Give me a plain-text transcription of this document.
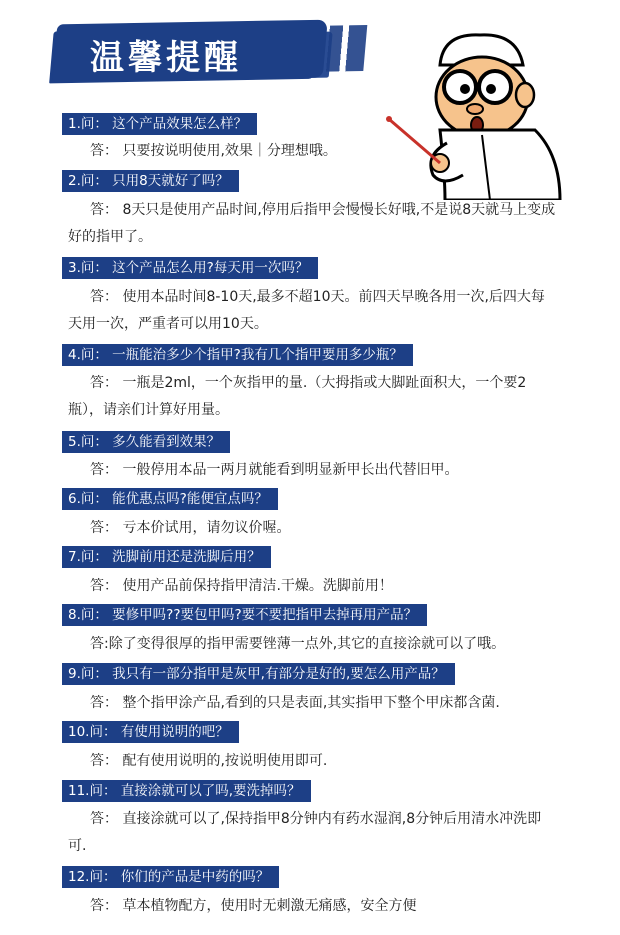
温馨提醒
1.问： 这个产品效果怎么样？
答： 只要按说明使用,效果｜分理想哦。
2.问： 只用8天就好了吗？
答： 8天只是使用产品时间,停用后指甲会慢慢长好哦,不是说8天就马上变成好的指甲了。
3.问： 这个产品怎么用?每天用一次吗？
答： 使用本品时间8-10天,最多不超10天。前四天早晚各用一次,后四大每天用一次，严重者可以用10天。
4.问： 一瓶能治多少个指甲?我有几个指甲要用多少瓶？
答： 一瓶是2ml，一个灰指甲的量.（大拇指或大脚趾面积大，一个要2瓶），请亲们计算好用量。
5.问： 多久能看到效果？
答： 一般停用本品一两月就能看到明显新甲长出代替旧甲。
6.问： 能优惠点吗?能便宜点吗？
答： 亏本价试用，请勿议价喔。
7.问： 洗脚前用还是洗脚后用？
答： 使用产品前保持指甲清洁.干燥。洗脚前用！
8.问： 要修甲吗??要包甲吗?要不要把指甲去掉再用产品？
答:除了变得很厚的指甲需要锉薄一点外,其它的直接涂就可以了哦。
9.问： 我只有一部分指甲是灰甲,有部分是好的,要怎么用产品？
答： 整个指甲涂产品,看到的只是表面,其实指甲下整个甲床都含菌.
10.问： 有使用说明的吧？
答： 配有使用说明的,按说明使用即可.
11.问： 直接涂就可以了吗,要洗掉吗？
答： 直接涂就可以了,保持指甲8分钟内有药水湿润,8分钟后用清水冲洗即可.
12.问： 你们的产品是中药的吗？
答： 草本植物配方，使用时无刺激无痛感，安全方便
